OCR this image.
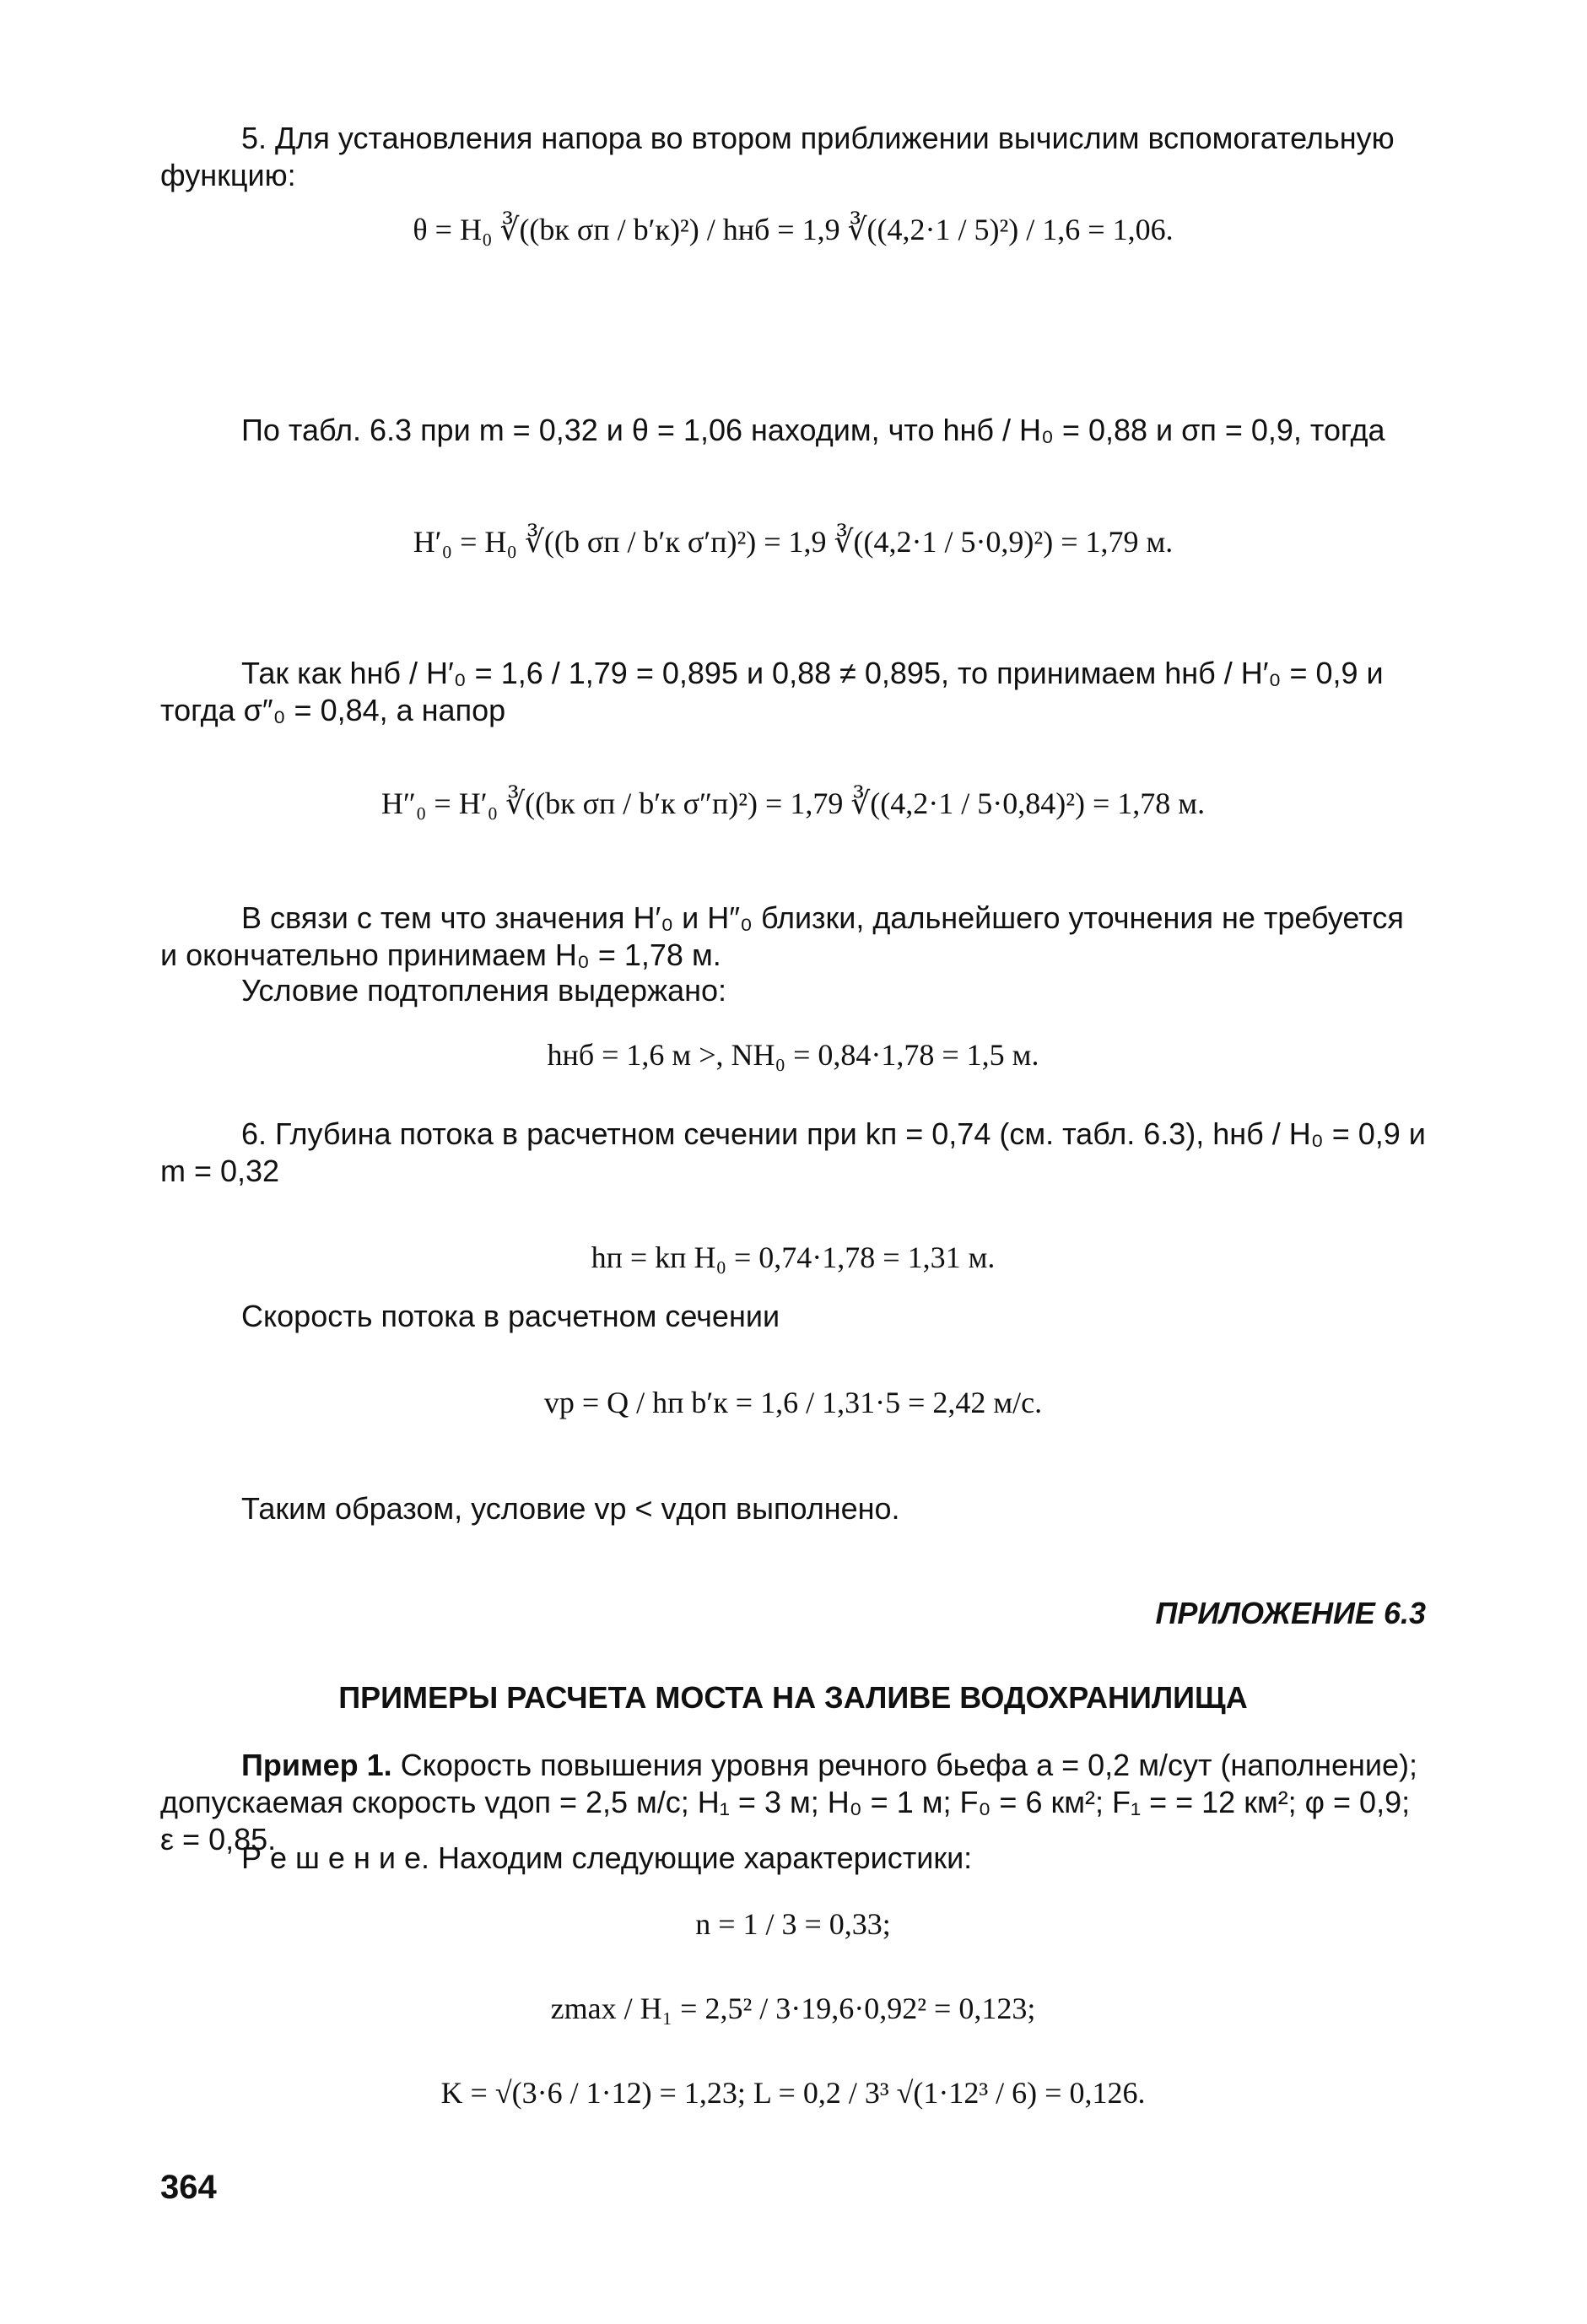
5. Для установления напора во втором приближении вычислим вспомогательную функцию:

θ = H₀ ∛((bк σп / b′к)²) / hнб = 1,9 ∛((4,2·1 / 5)²) / 1,6 = 1,06.

По табл. 6.3 при m = 0,32 и θ = 1,06 находим, что hнб / H₀ = 0,88 и σп = 0,9, тогда

H′₀ = H₀ ∛((b σп / b′к σ′п)²) = 1,9 ∛((4,2·1 / 5·0,9)²) = 1,79 м.

Так как hнб / H′₀ = 1,6 / 1,79 = 0,895 и 0,88 ≠ 0,895, то принимаем hнб / H′₀ = 0,9 и тогда σ″₀ = 0,84, а напор

H″₀ = H′₀ ∛((bк σп / b′к σ″п)²) = 1,79 ∛((4,2·1 / 5·0,84)²) = 1,78 м.

В связи с тем что значения H′₀ и H″₀ близки, дальнейшего уточнения не требуется и окончательно принимаем H₀ = 1,78 м.

Условие подтопления выдержано:

hнб = 1,6 м >, NH₀ = 0,84·1,78 = 1,5 м.

6. Глубина потока в расчетном сечении при kп = 0,74 (см. табл. 6.3), hнб / H₀ = 0,9 и m = 0,32

hп = kп H₀ = 0,74·1,78 = 1,31 м.

Скорость потока в расчетном сечении

vр = Q / hп b′к = 1,6 / 1,31·5 = 2,42 м/с.

Таким образом, условие vр < vдоп выполнено.

ПРИЛОЖЕНИЕ 6.3

ПРИМЕРЫ РАСЧЕТА МОСТА НА ЗАЛИВЕ ВОДОХРАНИЛИЩА

Пример 1. Скорость повышения уровня речного бьефа a = 0,2 м/сут (наполнение); допускаемая скорость vдоп = 2,5 м/с; H₁ = 3 м; H₀ = 1 м; F₀ = 6 км²; F₁ = = 12 км²; φ = 0,9; ε = 0,85.

Р е ш е н и е. Находим следующие характеристики:

n = 1 / 3 = 0,33;
zmax / H₁ = 2,5² / 3·19,6·0,92² = 0,123;
K = √(3·6 / 1·12) = 1,23; L = 0,2 / 3³ √(1·12³ / 6) = 0,126.
364
